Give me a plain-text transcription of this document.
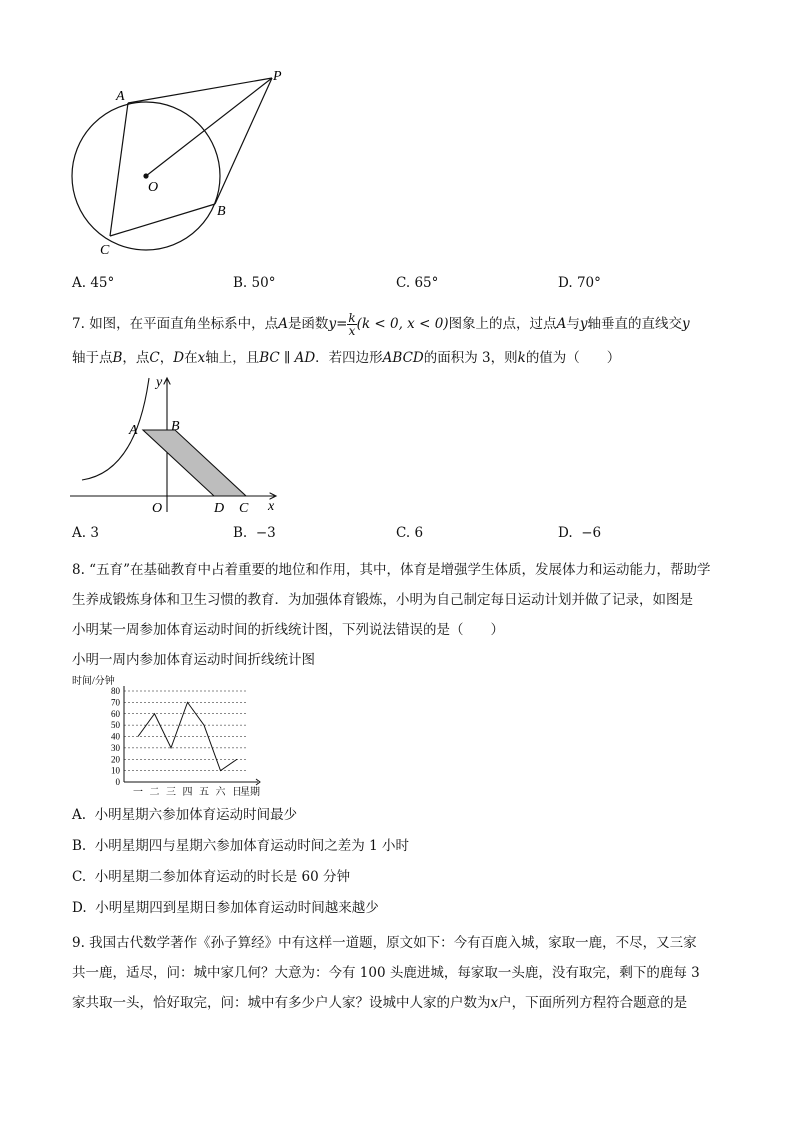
A
P
O
B
C
A. 45°	B. 50°	C. 65°	D. 70°
7. 如图，在平面直角坐标系中，点A是函数$y= \frac{k}{x} (k < 0$, x < 0)图象上的点，过点A与y轴垂直的直线交y
轴于点B，点C，D在x轴上，且BC ∥ AD．若四边形ABCD的面积为 3，则k的值为（　　）
y
x
A B
O	D C
A. 3	B. −3	C. 6	D. −6
8. “五育”在基础教育中占着重要的地位和作用，其中，体育是增强学生体质，发展体力和运动能力，帮助学
生养成锻炼身体和卫生习惯的教育．为加强体育锻炼，小明为自己制定每日运动计划并做了记录，如图是
小明某一周参加体育运动时间的折线统计图，下列说法错误的是（　　）
小明一周内参加体育运动时间折线统计图
时间/分钟
0
10
20
30
40
50
60
70
80
一 二 三 四 五 六 日
星期
A. 小明星期六参加体育运动时间最少
B. 小明星期四与星期六参加体育运动时间之差为 1 小时
C. 小明星期二参加体育运动的时长是 60 分钟
D. 小明星期四到星期日参加体育运动时间越来越少
9. 我国古代数学著作《孙子算经》中有这样一道题，原文如下：今有百鹿入城，家取一鹿，不尽，又三家
共一鹿，适尽，问：城中家几何？大意为：今有 100 头鹿进城，每家取一头鹿，没有取完，剩下的鹿每 3
家共取一头，恰好取完，问：城中有多少户人家？设城中人家的户数为x户，下面所列方程符合题意的是
